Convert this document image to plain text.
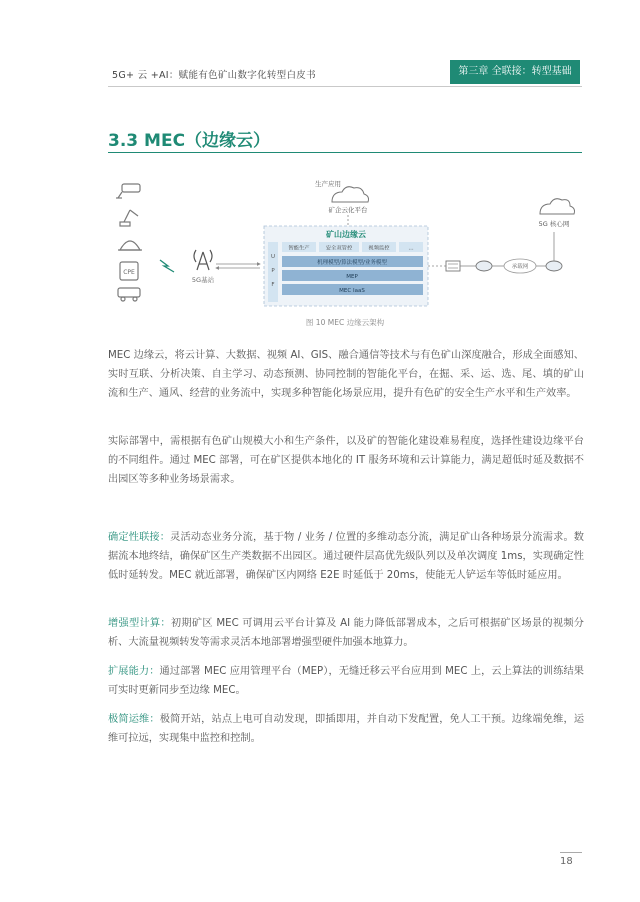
5G+ 云 +AI：赋能有色矿山数字化转型白皮书	第三章 全联接：转型基础
3.3 MEC（边缘云）
CPE
5G基站
生产应用
矿企云化平台
矿山边缘云
U
P
F
智能生产	安全双管控	视频监控	…
机理模型/算法模型/业务模型
MEP
MEC IaaS
承载网
5G 核心网
图 10 MEC 边缘云架构

MEC 边缘云，将云计算、大数据、视频 AI、GIS、融合通信等技术与有色矿山深度融合，形成全面感知、实时互联、分析决策、自主学习、动态预测、协同控制的智能化平台，在掘、采、运、选、尾、填的矿山流和生产、通风、经营的业务流中，实现多种智能化场景应用，提升有色矿的安全生产水平和生产效率。

实际部署中，需根据有色矿山规模大小和生产条件，以及矿的智能化建设难易程度，选择性建设边缘平台的不同组件。通过 MEC 部署，可在矿区提供本地化的 IT 服务环境和云计算能力，满足超低时延及数据不出园区等多种业务场景需求。

确定性联接：灵活动态业务分流，基于物 / 业务 / 位置的多维动态分流，满足矿山各种场景分流需求。数据流本地终结，确保矿区生产类数据不出园区。通过硬件层高优先级队列以及单次调度 1ms，实现确定性低时延转发。MEC 就近部署，确保矿区内网络 E2E 时延低于 20ms，使能无人铲运车等低时延应用。

增强型计算：初期矿区 MEC 可调用云平台计算及 AI 能力降低部署成本，之后可根据矿区场景的视频分析、大流量视频转发等需求灵活本地部署增强型硬件加强本地算力。

扩展能力：通过部署 MEC 应用管理平台（MEP），无缝迁移云平台应用到 MEC 上，云上算法的训练结果可实时更新同步至边缘 MEC。

极简运维：极简开站，站点上电可自动发现，即插即用，并自动下发配置，免人工干预。边缘端免维，运维可拉远，实现集中监控和控制。

18
